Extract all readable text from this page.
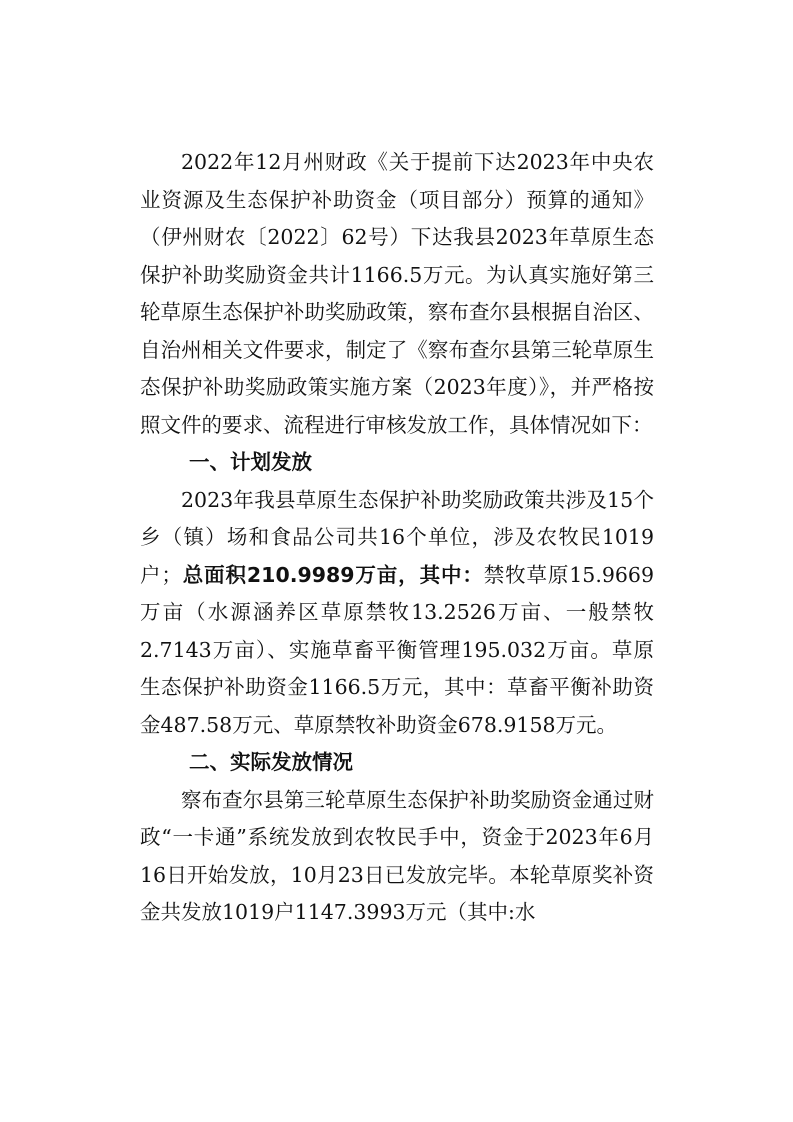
2022年12月州财政《关于提前下达2023年中央农业资源及生态保护补助资金（项目部分）预算的通知》（伊州财农〔2022〕62号）下达我县2023年草原生态保护补助奖励资金共计1166.5万元。为认真实施好第三轮草原生态保护补助奖励政策，察布查尔县根据自治区、自治州相关文件要求，制定了《察布查尔县第三轮草原生态保护补助奖励政策实施方案（2023年度）》，并严格按照文件的要求、流程进行审核发放工作，具体情况如下：

一、计划发放

2023年我县草原生态保护补助奖励政策共涉及15个乡（镇）场和食品公司共16个单位，涉及农牧民1019户；总面积210.9989万亩，其中：禁牧草原15.9669万亩（水源涵养区草原禁牧13.2526万亩、一般禁牧2.7143万亩）、实施草畜平衡管理195.032万亩。草原生态保护补助资金1166.5万元，其中：草畜平衡补助资金487.58万元、草原禁牧补助资金678.9158万元。

二、实际发放情况

察布查尔县第三轮草原生态保护补助奖励资金通过财政“一卡通”系统发放到农牧民手中，资金于2023年6月16日开始发放，10月23日已发放完毕。本轮草原奖补资金共发放1019户1147.3993万元（其中:水
